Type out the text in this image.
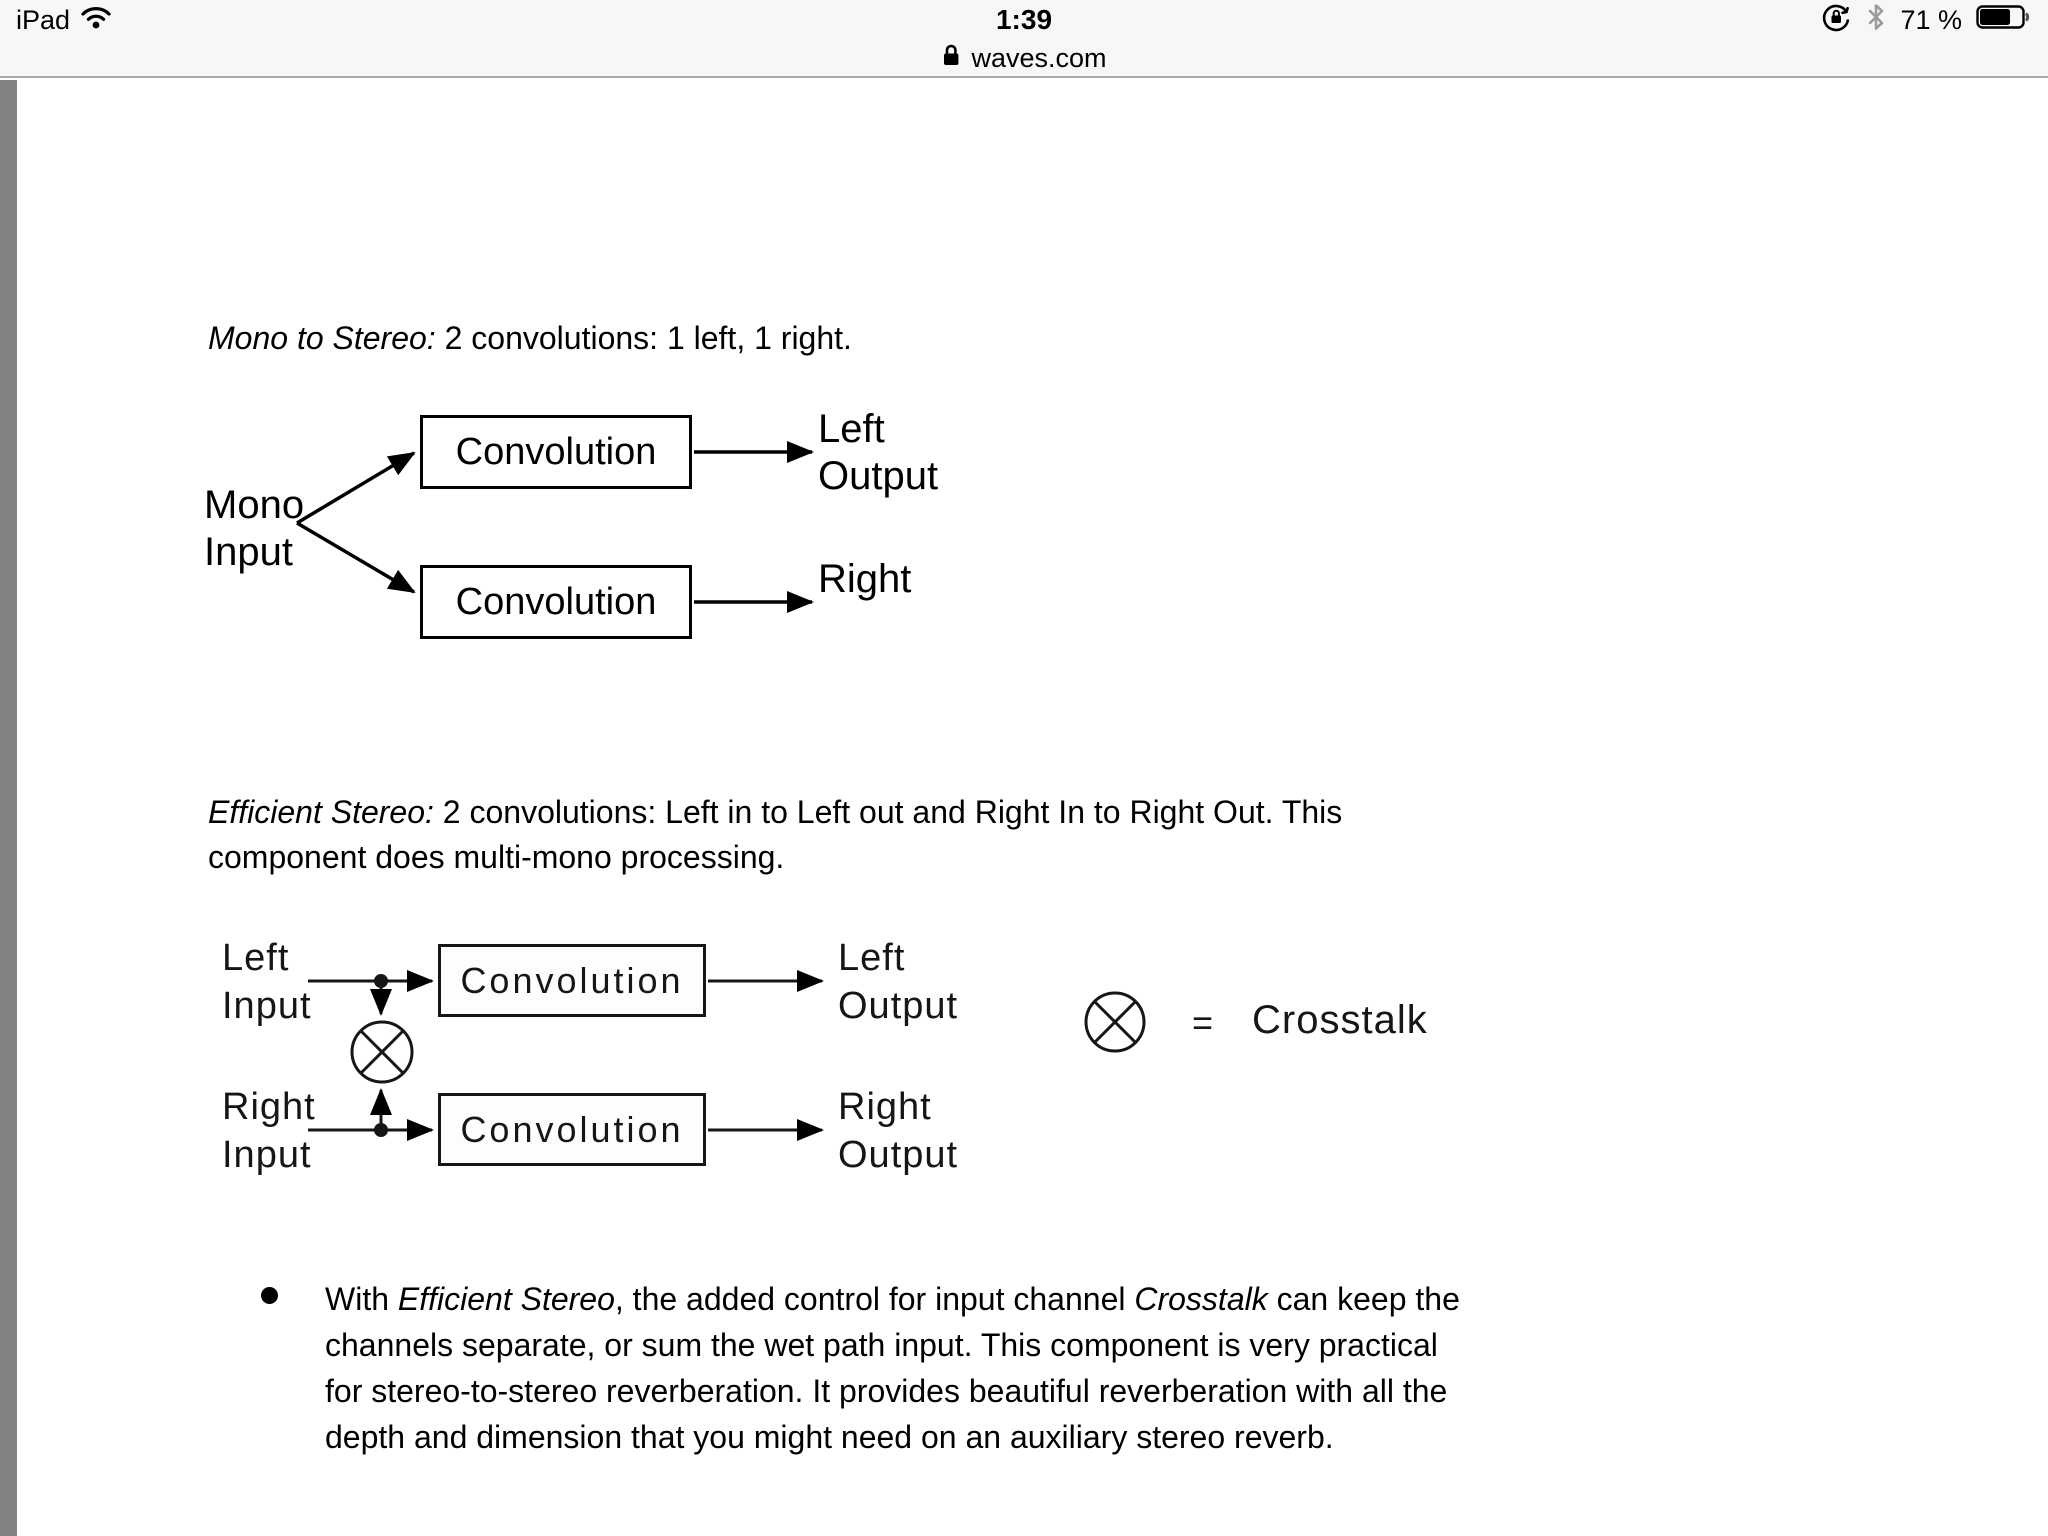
iPad	1:39	71 %
waves.com
Mono to Stereo: 2 convolutions: 1 left, 1 right.
Mono
Input
Convolution
Convolution
Left
Output
Right
Efficient Stereo: 2 convolutions: Left in to Left out and Right In to Right Out. This
component does multi-mono processing.
Left
Input
Right
Input
Convolution
Convolution
Left
Output
Right
Output
= Crosstalk
With Efficient Stereo, the added control for input channel Crosstalk can keep the
channels separate, or sum the wet path input. This component is very practical
for stereo-to-stereo reverberation. It provides beautiful reverberation with all the
depth and dimension that you might need on an auxiliary stereo reverb.
